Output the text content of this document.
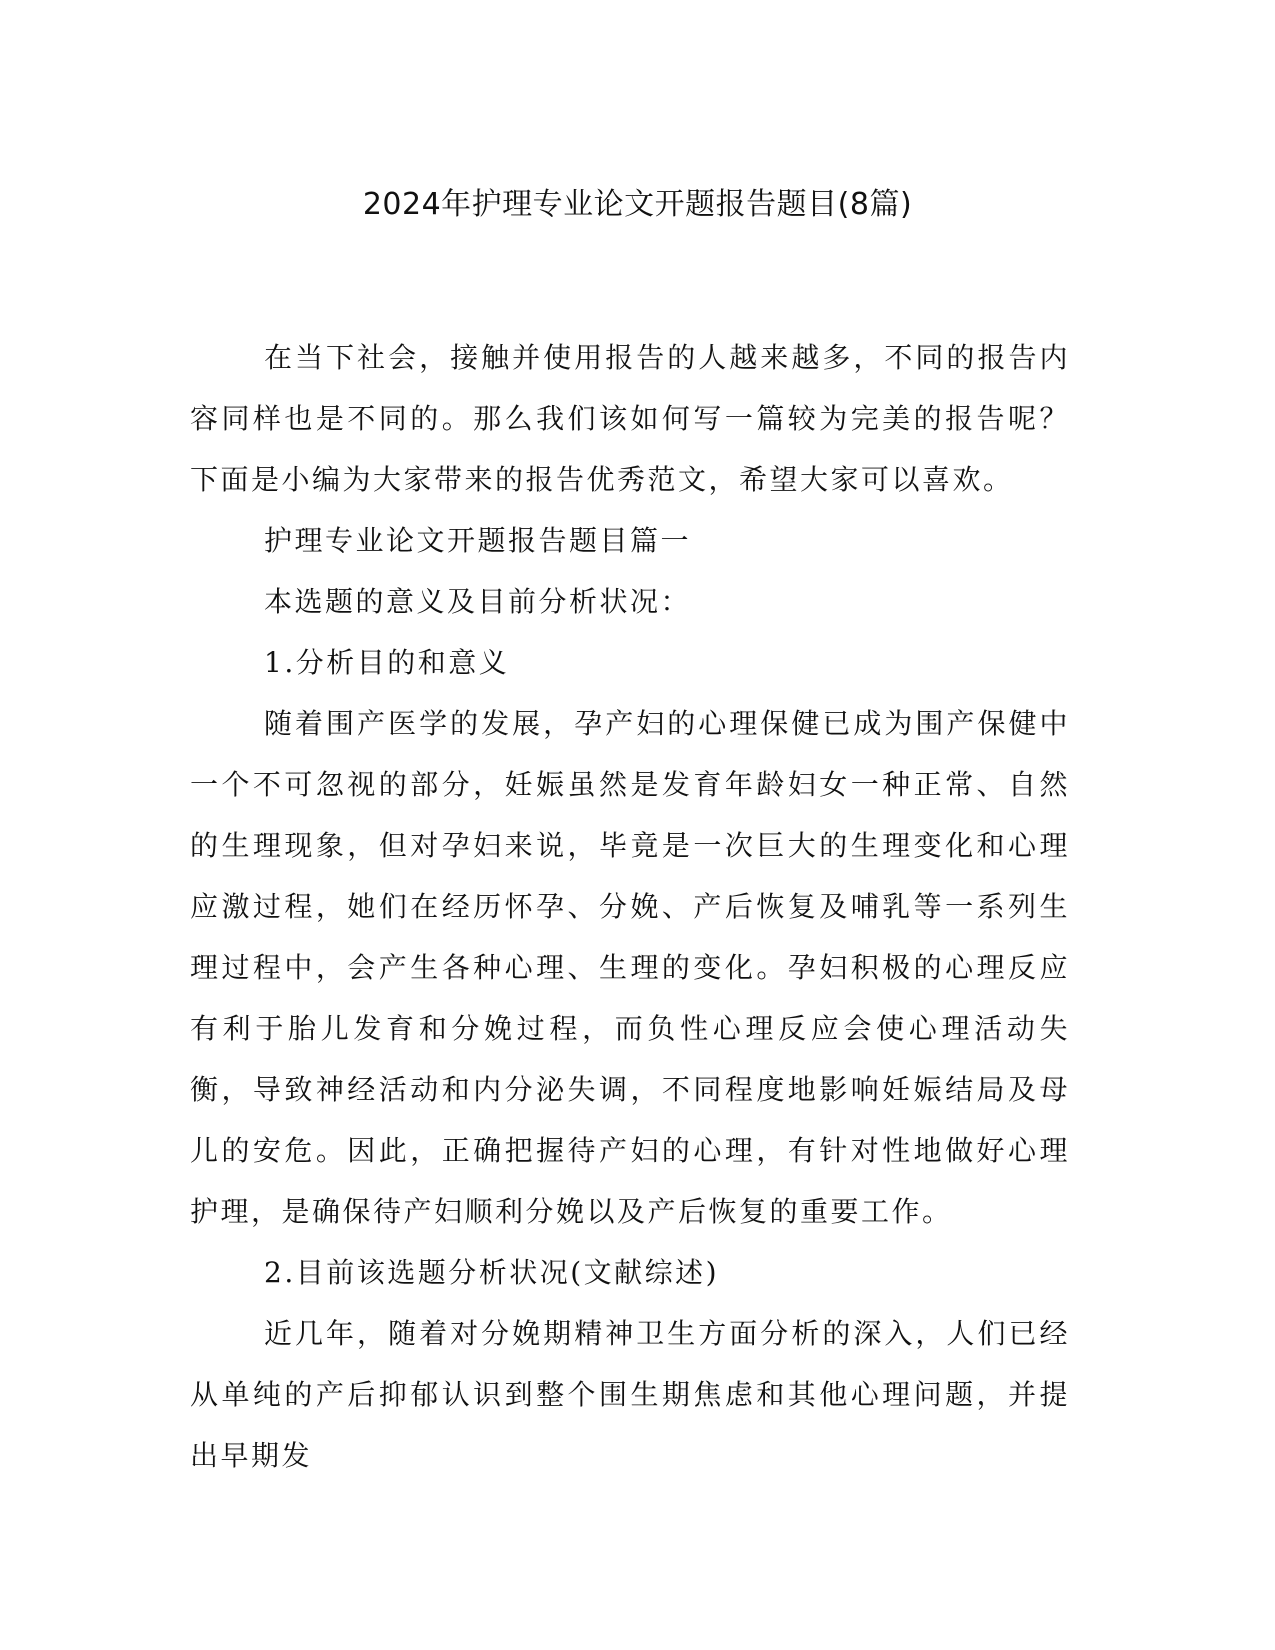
2024年护理专业论文开题报告题目(8篇)

在当下社会，接触并使用报告的人越来越多，不同的报告内容同样也是不同的。那么我们该如何写一篇较为完美的报告呢？下面是小编为大家带来的报告优秀范文，希望大家可以喜欢。

护理专业论文开题报告题目篇一

本选题的意义及目前分析状况：

1.分析目的和意义

随着围产医学的发展，孕产妇的心理保健已成为围产保健中一个不可忽视的部分，妊娠虽然是发育年龄妇女一种正常、自然的生理现象，但对孕妇来说，毕竟是一次巨大的生理变化和心理应激过程，她们在经历怀孕、分娩、产后恢复及哺乳等一系列生理过程中，会产生各种心理、生理的变化。孕妇积极的心理反应有利于胎儿发育和分娩过程，而负性心理反应会使心理活动失衡，导致神经活动和内分泌失调，不同程度地影响妊娠结局及母儿的安危。因此，正确把握待产妇的心理，有针对性地做好心理护理，是确保待产妇顺利分娩以及产后恢复的重要工作。

2.目前该选题分析状况(文献综述)

近几年，随着对分娩期精神卫生方面分析的深入，人们已经从单纯的产后抑郁认识到整个围生期焦虑和其他心理问题，并提出早期发
